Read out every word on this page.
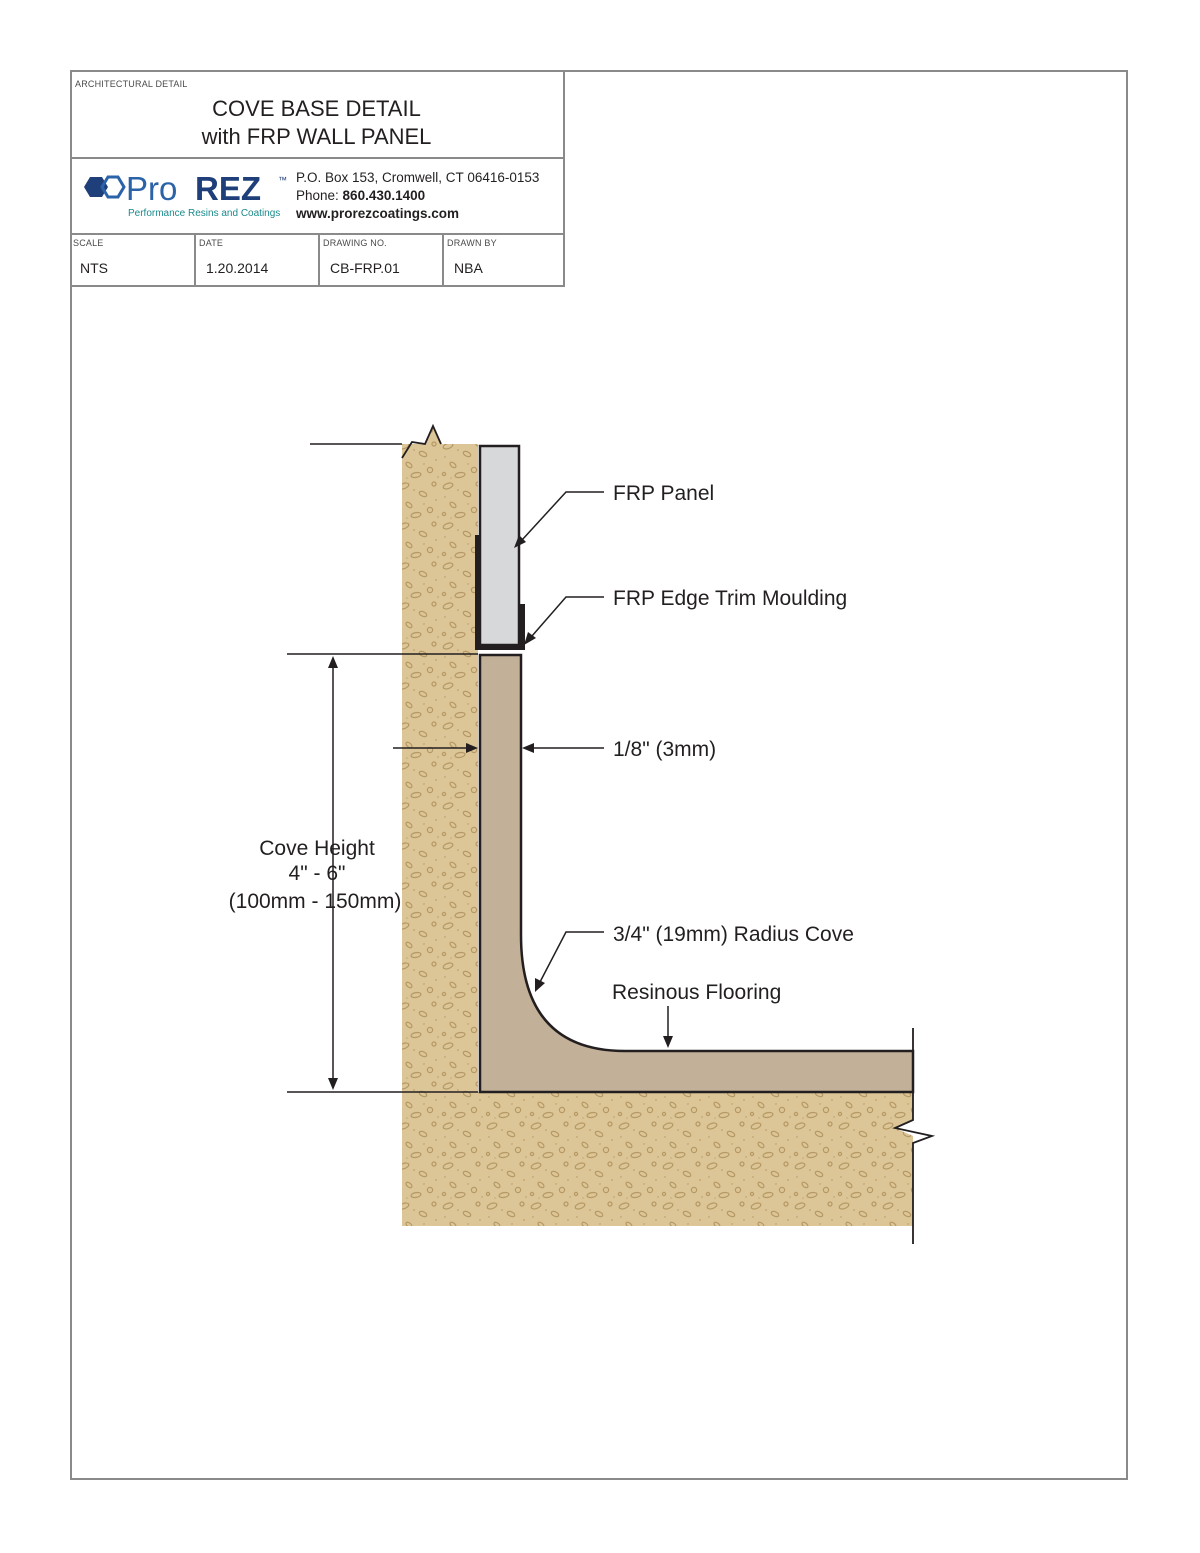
ARCHITECTURAL DETAIL
COVE BASE DETAIL
with FRP WALL PANEL
Pro REZ ™
Performance Resins and Coatings
P.O. Box 153, Cromwell, CT 06416-0153
Phone: 860.430.1400
www.prorezcoatings.com
SCALE
NTS
DATE
1.20.2014
DRAWING NO.
CB-FRP.01
DRAWN BY
NBA
FRP Panel
FRP Edge Trim Moulding
1/8" (3mm)
Cove Height
4" - 6"
(100mm - 150mm)
3/4" (19mm) Radius Cove
Resinous Flooring
